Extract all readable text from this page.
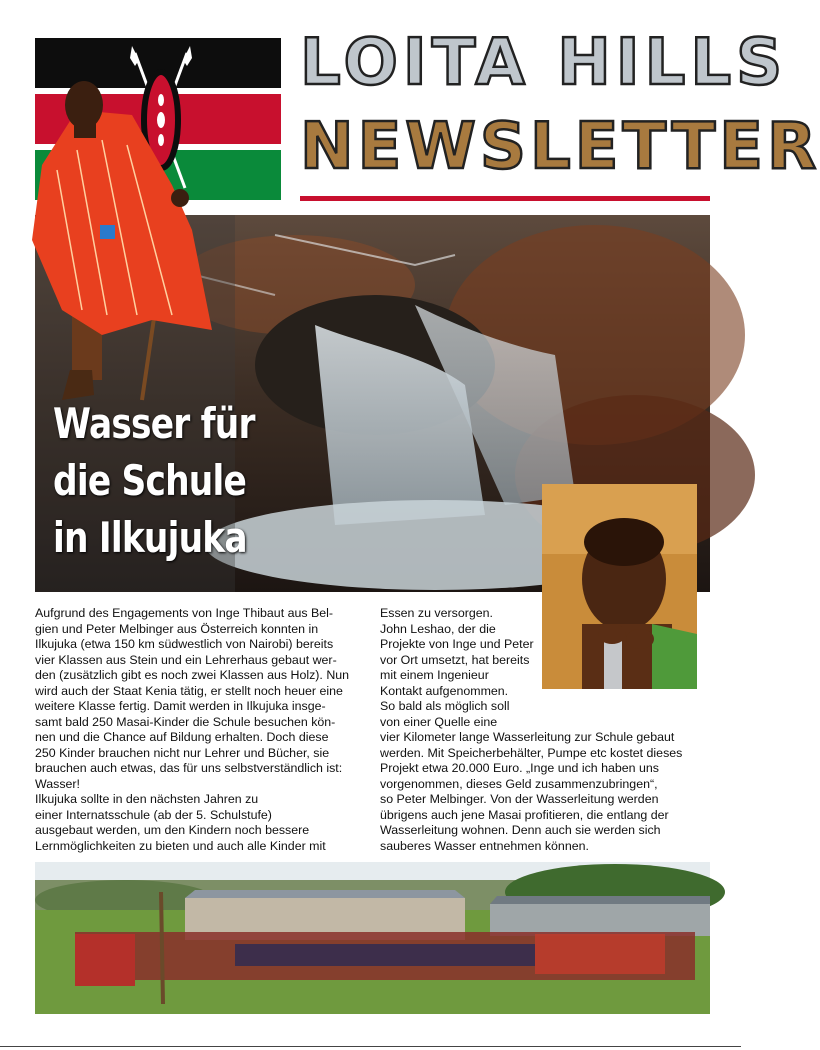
LOITA HILLS
NEWSLETTER
Wasser für
die Schule
in Ilkujuka

Aufgrund des Engagements von Inge Thibaut aus Bel-

gien und Peter Melbinger aus Österreich konnten in

Ilkujuka (etwa 150 km südwestlich von Nairobi) bereits

vier Klassen aus Stein und ein Lehrerhaus gebaut wer-

den (zusätzlich gibt es noch zwei Klassen aus Holz). Nun

wird auch der Staat Kenia tätig, er stellt noch heuer eine

weitere Klasse fertig. Damit werden in Ilkujuka insge-

samt bald 250 Masai-Kinder die Schule besuchen kön-

nen und die Chance auf Bildung erhalten. Doch diese

250 Kinder brauchen nicht nur Lehrer und Bücher, sie

brauchen auch etwas, das für uns selbstverständlich ist:

Wasser!

Ilkujuka sollte in den nächsten Jahren zu

einer Internatsschule (ab der 5. Schulstufe)

ausgebaut werden, um den Kindern noch bessere

Lernmöglichkeiten zu bieten und auch alle Kinder mit

Essen zu versorgen.

John Leshao, der die

Projekte von Inge und Peter

vor Ort umsetzt, hat bereits

mit einem Ingenieur

Kontakt aufgenommen.

So bald als möglich soll

von einer Quelle eine

vier Kilometer lange Wasserleitung zur Schule gebaut

werden. Mit Speicherbehälter, Pumpe etc kostet dieses

Projekt etwa 20.000 Euro. „Inge und ich haben uns

vorgenommen, dieses Geld zusammenzubringen“,

so Peter Melbinger. Von der Wasserleitung werden

übrigens auch jene Masai profitieren, die entlang der

Wasserleitung wohnen. Denn auch sie werden sich

sauberes Wasser entnehmen können.
